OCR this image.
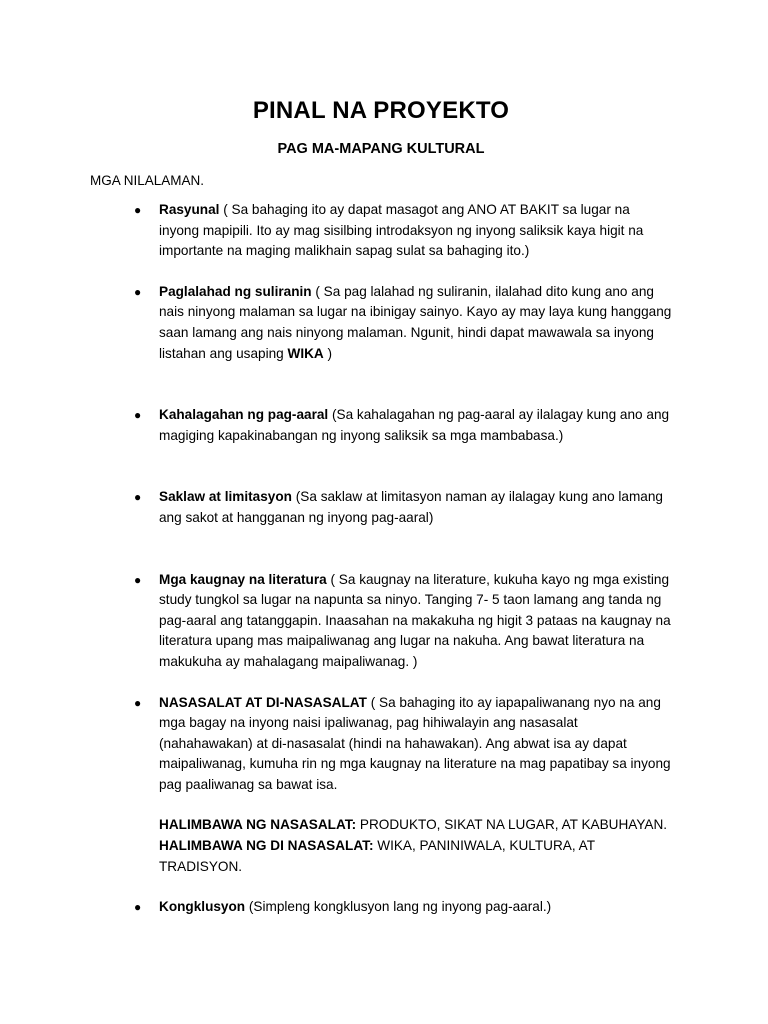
PINAL NA PROYEKTO
PAG MA-MAPANG KULTURAL
MGA NILALAMAN.
● Rasyunal ( Sa bahaging ito ay dapat masagot ang ANO AT BAKIT sa lugar na inyong mapipili. Ito ay mag sisilbing introdaksyon ng inyong saliksik kaya higit na importante na maging malikhain sapag sulat sa bahaging ito.)
● Paglalahad ng suliranin ( Sa pag lalahad ng suliranin, ilalahad dito kung ano ang nais ninyong malaman sa lugar na ibinigay sainyo. Kayo ay may laya kung hanggang saan lamang ang nais ninyong malaman. Ngunit, hindi dapat mawawala sa inyong listahan ang usaping WIKA )
● Kahalagahan ng pag-aaral (Sa kahalagahan ng pag-aaral ay ilalagay kung ano ang magiging kapakinabangan ng inyong saliksik sa mga mambabasa.)
● Saklaw at limitasyon (Sa saklaw at limitasyon naman ay ilalagay kung ano lamang ang sakot at hangganan ng inyong pag-aaral)
● Mga kaugnay na literatura ( Sa kaugnay na literature, kukuha kayo ng mga existing study tungkol sa lugar na napunta sa ninyo. Tanging 7- 5 taon lamang ang tanda ng pag-aaral ang tatanggapin. Inaasahan na makakuha ng higit 3 pataas na kaugnay na literatura upang mas maipaliwanag ang lugar na nakuha. Ang bawat literatura na makukuha ay mahalagang maipaliwanag. )
● NASASALAT AT DI-NASASALAT ( Sa bahaging ito ay iapapaliwanang nyo na ang mga bagay na inyong naisi ipaliwanag, pag hihiwalayin ang nasasalat (nahahawakan) at di-nasasalat (hindi na hahawakan). Ang abwat isa ay dapat maipaliwanag, kumuha rin ng mga kaugnay na literature na mag papatibay sa inyong pag paaliwanag sa bawat isa.
HALIMBAWA NG NASASALAT: PRODUKTO, SIKAT NA LUGAR, AT KABUHAYAN.
HALIMBAWA NG DI NASASALAT: WIKA, PANINIWALA, KULTURA, AT TRADISYON.
● Kongklusyon (Simpleng kongklusyon lang ng inyong pag-aaral.)
